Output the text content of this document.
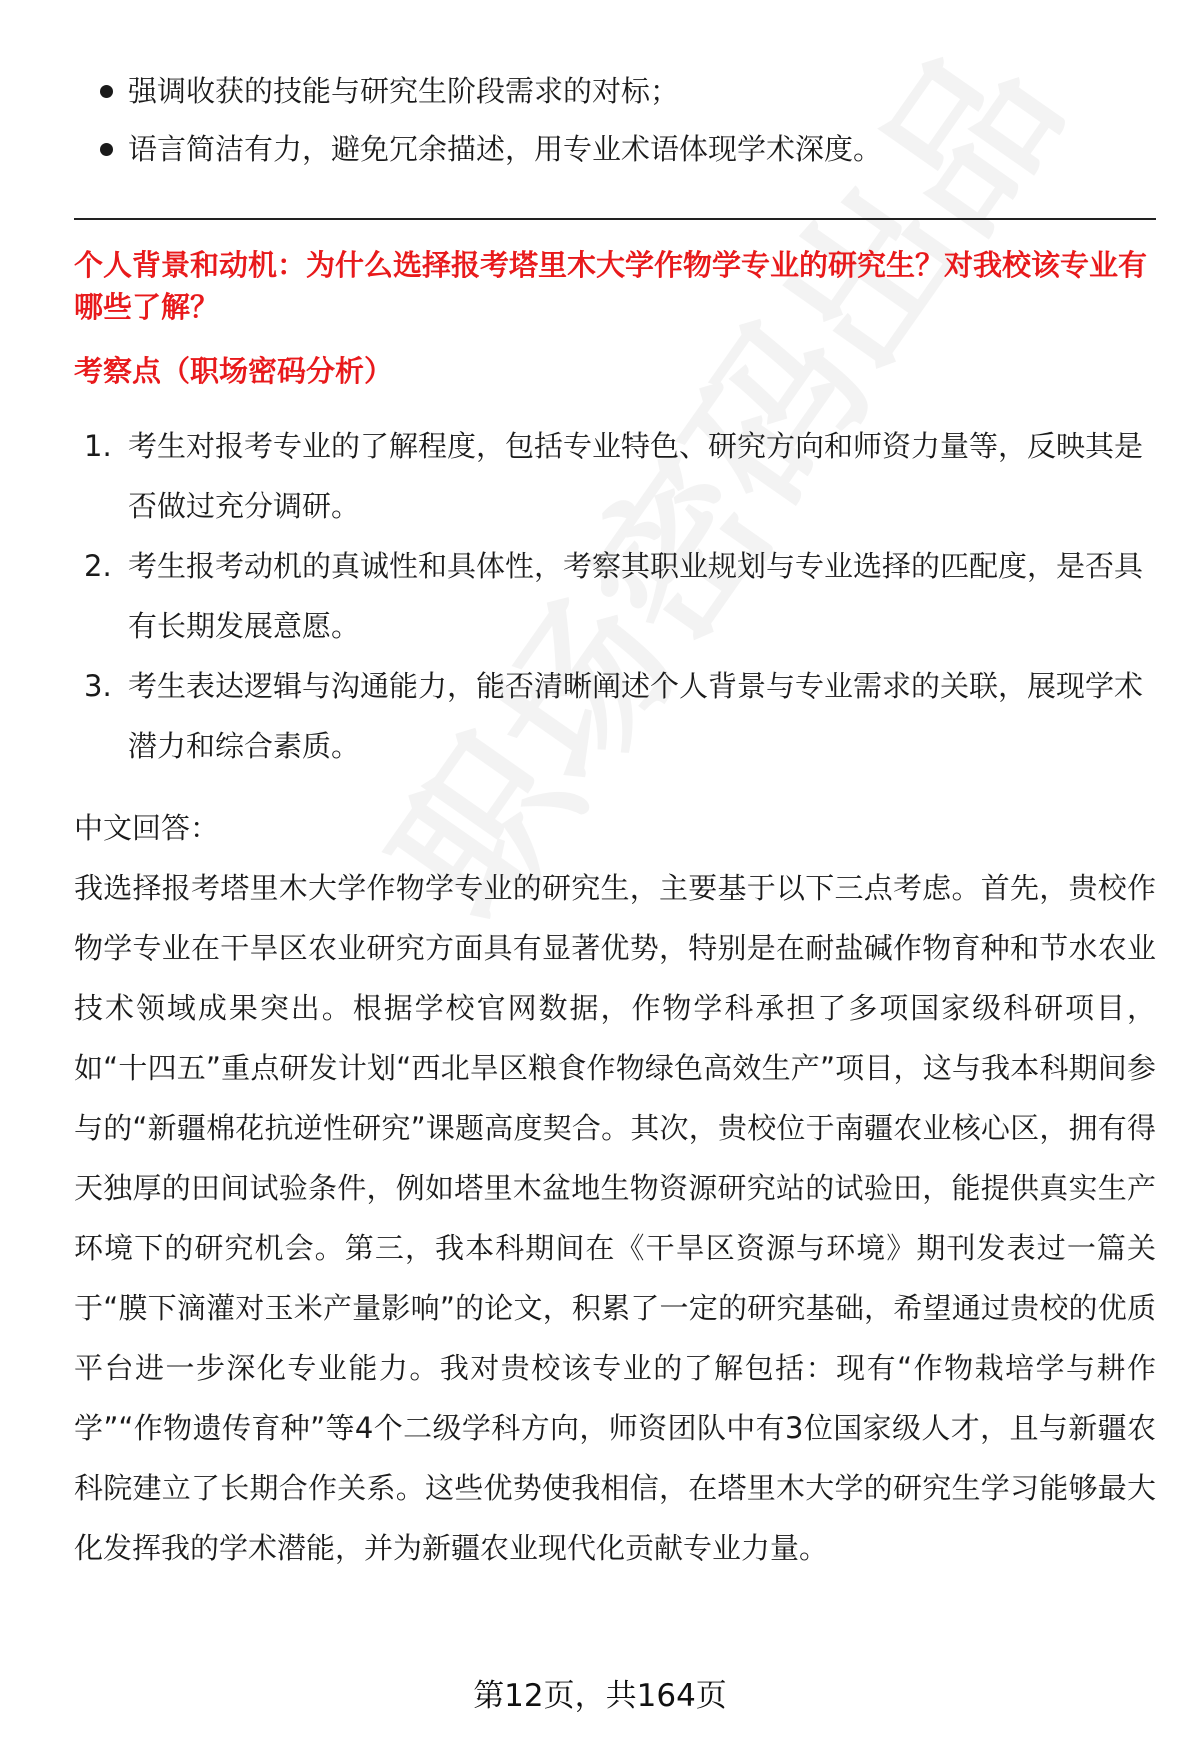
强调收获的技能与研究生阶段需求的对标；
语言简洁有力，避免冗余描述，用专业术语体现学术深度。
个人背景和动机：为什么选择报考塔里木大学作物学专业的研究生？对我校该专业有哪些了解？
考察点（职场密码分析）
1. 考生对报考专业的了解程度，包括专业特色、研究方向和师资力量等，反映其是否做过充分调研。
2. 考生报考动机的真诚性和具体性，考察其职业规划与专业选择的匹配度，是否具有长期发展意愿。
3. 考生表达逻辑与沟通能力，能否清晰阐述个人背景与专业需求的关联，展现学术潜力和综合素质。
中文回答：
我选择报考塔里木大学作物学专业的研究生，主要基于以下三点考虑。首先，贵校作物学专业在干旱区农业研究方面具有显著优势，特别是在耐盐碱作物育种和节水农业技术领域成果突出。根据学校官网数据，作物学科承担了多项国家级科研项目，如“十四五”重点研发计划“西北旱区粮食作物绿色高效生产”项目，这与我本科期间参与的“新疆棉花抗逆性研究”课题高度契合。其次，贵校位于南疆农业核心区，拥有得天独厚的田间试验条件，例如塔里木盆地生物资源研究站的试验田，能提供真实生产环境下的研究机会。第三，我本科期间在《干旱区资源与环境》期刊发表过一篇关于“膜下滴灌对玉米产量影响”的论文，积累了一定的研究基础，希望通过贵校的优质平台进一步深化专业能力。我对贵校该专业的了解包括：现有“作物栽培学与耕作学”“作物遗传育种”等4个二级学科方向，师资团队中有3位国家级人才，且与新疆农科院建立了长期合作关系。这些优势使我相信，在塔里木大学的研究生学习能够最大化发挥我的学术潜能，并为新疆农业现代化贡献专业力量。
第12页，共164页
